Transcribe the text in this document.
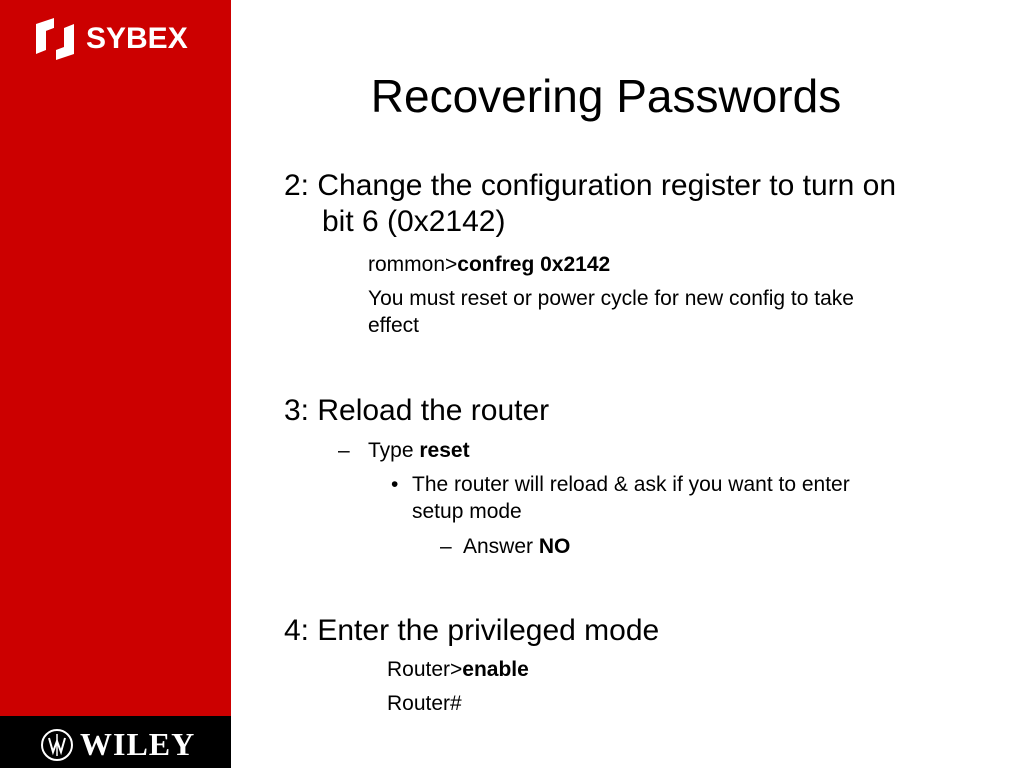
SYBEX
WILEY
Recovering Passwords
2: Change the configuration register to turn on
bit 6 (0x2142)
rommon>confreg 0x2142
You must reset or power cycle for new config to take
effect
3: Reload the router
– Type reset
• The router will reload & ask if you want to enter
setup mode
– Answer NO
4: Enter the privileged mode
Router>enable
Router#
